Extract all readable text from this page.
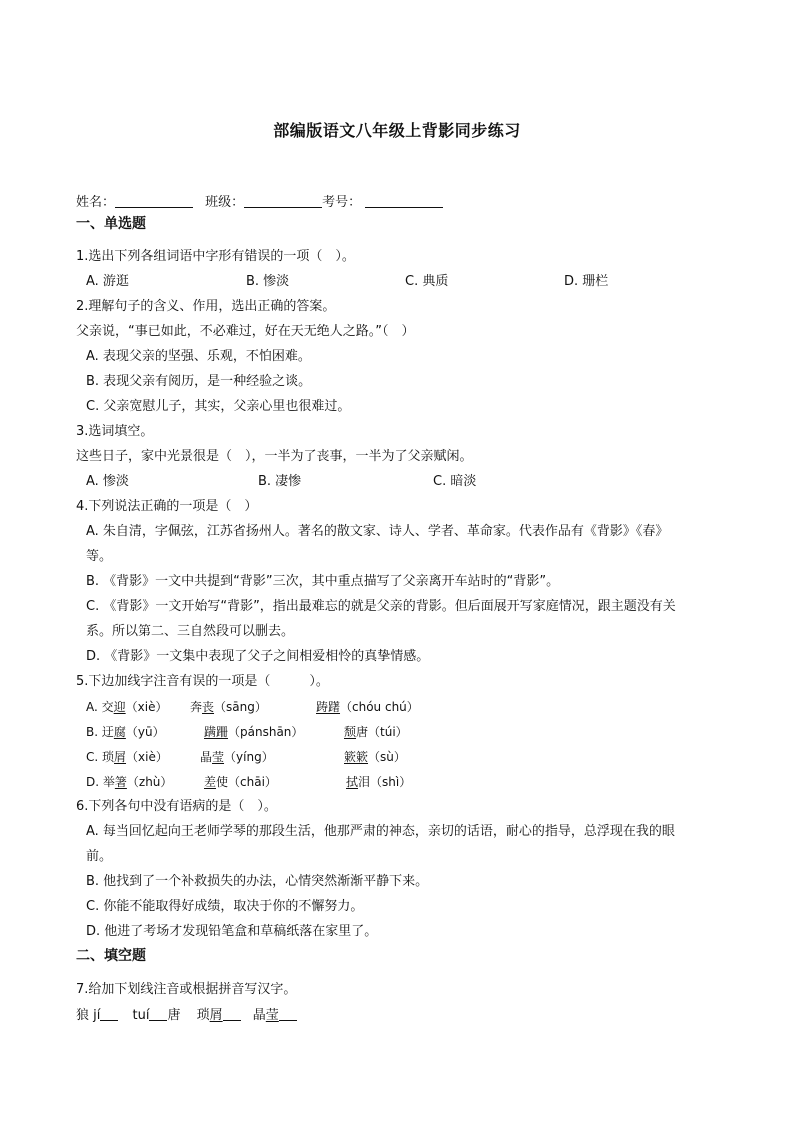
部编版语文八年级上背影同步练习
姓名：	班级：	考号：
一、单选题
1.选出下列各组词语中字形有错误的一项（　）。
A. 游逛	B. 惨淡	C. 典质	D. 珊栏
2.理解句子的含义、作用，选出正确的答案。
父亲说，“事已如此，不必难过，好在天无绝人之路。”（　）
A. 表现父亲的坚强、乐观，不怕困难。
B. 表现父亲有阅历，是一种经验之谈。
C. 父亲宽慰儿子，其实，父亲心里也很难过。
3.选词填空。
这些日子，家中光景很是（　），一半为了丧事，一半为了父亲赋闲。
A. 惨淡	B. 凄惨	C. 暗淡
4.下列说法正确的一项是（　）
A. 朱自清，字佩弦，江苏省扬州人。著名的散文家、诗人、学者、革命家。代表作品有《背影》《春》
等。
B. 《背影》一文中共提到“背影”三次，其中重点描写了父亲离开车站时的“背影”。
C. 《背影》一文开始写“背影”，指出最难忘的就是父亲的背影。但后面展开写家庭情况，跟主题没有关
系。所以第二、三自然段可以删去。
D. 《背影》一文集中表现了父子之间相爱相怜的真挚情感。
5.下边加线字注音有误的一项是（　　　）。
A. 交迎（xiè） 奔丧（sāng）	踌躇（chóu chú）
B. 迂腐（yū）	蹒跚（pánshān）	颓唐（túi）
C. 琐屑（xiè）	晶莹（yíng）	簌簌（sù）
D. 举箸（zhù）	差使（chāi）	拭泪（shì）
6.下列各句中没有语病的是（　）。
A. 每当回忆起向王老师学琴的那段生活，他那严肃的神态，亲切的话语，耐心的指导，总浮现在我的眼
前。
B. 他找到了一个补救损失的办法，心情突然渐渐平静下来。
C. 你能不能取得好成绩，取决于你的不懈努力。
D. 他进了考场才发现铅笔盒和草稿纸落在家里了。
二、填空题
7.给加下划线注音或根据拼音写汉字。
狼 jí tuí 唐 琐屑 晶莹
